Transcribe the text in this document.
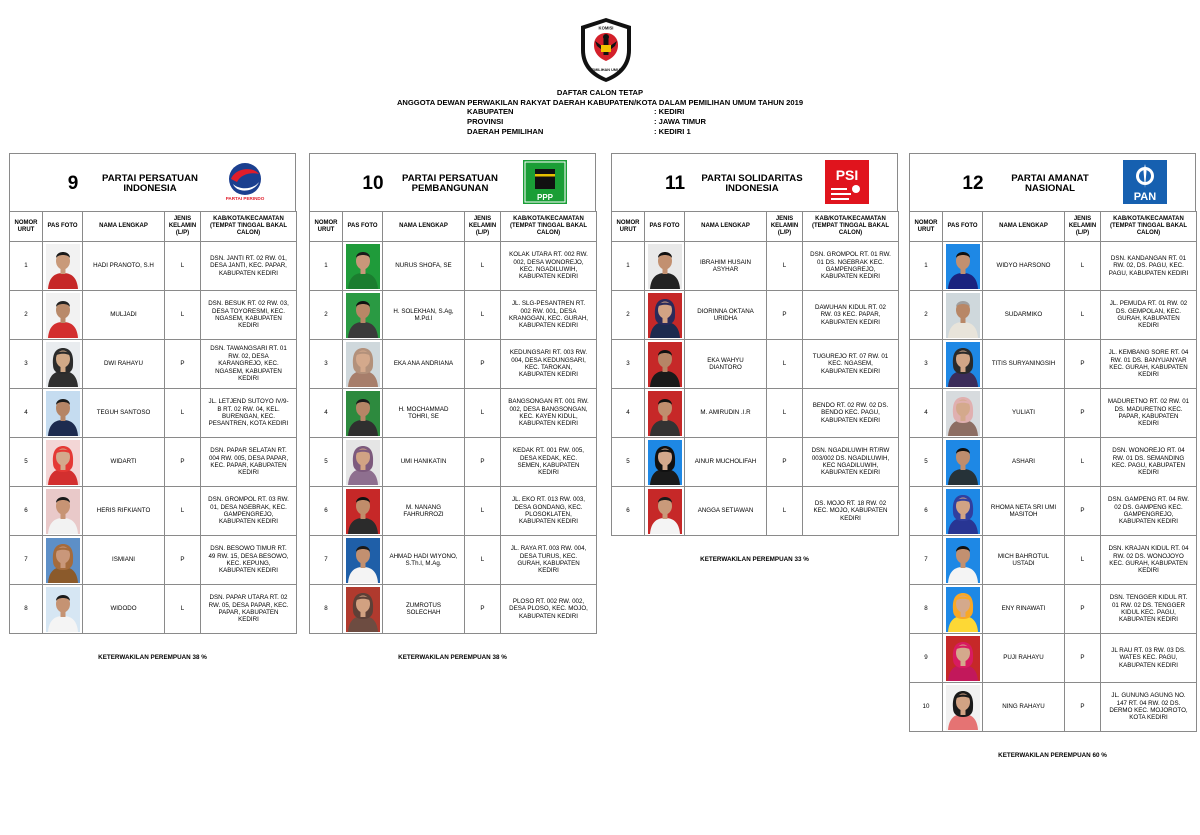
KOMISI
PEMILIHAN UMUM
DAFTAR CALON TETAP
ANGGOTA DEWAN PERWAKILAN RAKYAT DAERAH KABUPATEN/KOTA DALAM PEMILIHAN UMUM TAHUN 2019
KABUPATEN	: KEDIRI
PROVINSI	: JAWA TIMUR
DAERAH PEMILIHAN	: KEDIRI 1
9	PARTAI PERSATUAN
INDONESIA
PARTAI PERINDO
NOMOR URUT	PAS FOTO	NAMA LENGKAP	JENIS KELAMIN (L/P)	KAB/KOTA/KECAMATAN (TEMPAT TINGGAL BAKAL CALON)
1		HADI PRANOTO, S.H	L	DSN. JANTI RT. 02 RW. 01,
DESA JANTI, KEC. PAPAR,
KABUPATEN KEDIRI
2		MULJADI	L	DSN. BESUK RT. 02 RW. 03,
DESA TOYORESMI, KEC.
NGASEM, KABUPATEN
KEDIRI
3		DWI RAHAYU	P	DSN. TAWANGSARI RT. 01
RW. 02, DESA
KARANGREJO, KEC.
NGASEM, KABUPATEN
KEDIRI
4		TEGUH SANTOSO	L	JL. LETJEND SUTOYO IV/9-
B RT. 02 RW. 04, KEL.
BURENGAN, KEC.
PESANTREN, KOTA KEDIRI
5		WIDARTI	P	DSN. PAPAR SELATAN RT.
004 RW. 005, DESA PAPAR,
KEC. PAPAR, KABUPATEN
KEDIRI
6		HERIS RIFKIANTO	L	DSN. GROMPOL RT. 03 RW.
01, DESA NGEBRAK, KEC.
GAMPENGREJO,
KABUPATEN KEDIRI
7		ISMIANI	P	DSN. BESOWO TIMUR RT.
49 RW. 15, DESA BESOWO,
KEC. KEPUNG,
KABUPATEN KEDIRI
8		WIDODO	L	DSN. PAPAR UTARA RT. 02
RW. 05, DESA PAPAR, KEC.
PAPAR, KABUPATEN
KEDIRI
KETERWAKILAN PEREMPUAN 38 %
10	PARTAI PERSATUAN
PEMBANGUNAN
PPP
NOMOR URUT	PAS FOTO	NAMA LENGKAP	JENIS KELAMIN (L/P)	KAB/KOTA/KECAMATAN (TEMPAT TINGGAL BAKAL CALON)
1		NURUS SHOFA, SE	L	KOLAK UTARA RT. 002 RW.
002, DESA WONOREJO,
KEC. NGADILUWIH,
KABUPATEN KEDIRI
2		H. SOLEKHAN, S.Ag,
M.Pd.I	L	JL. SLG-PESANTREN RT.
002 RW. 001, DESA
KRANGGAN, KEC. GURAH,
KABUPATEN KEDIRI
3		EKA ANA ANDRIANA	P	KEDUNGSARI RT. 003 RW.
004, DESA KEDUNGSARI,
KEC. TAROKAN,
KABUPATEN KEDIRI
4		H. MOCHAMMAD
TOHRI, SE	L	BANGSONGAN RT. 001 RW.
002, DESA BANGSONGAN,
KEC. KAYEN KIDUL,
KABUPATEN KEDIRI
5		UMI HANIKATIN	P	KEDAK RT. 001 RW. 005,
DESA KEDAK, KEC.
SEMEN, KABUPATEN
KEDIRI
6		M. NANANG
FAHRURROZI	L	JL. EKO RT. 013 RW. 003,
DESA GONDANG, KEC.
PLOSOKLATEN,
KABUPATEN KEDIRI
7		AHMAD HADI WIYONO,
S.Th.I, M.Ag.	L	JL. RAYA RT. 003 RW. 004,
DESA TURUS, KEC.
GURAH, KABUPATEN
KEDIRI
8		ZUMROTUS
SOLECHAH	P	PLOSO RT. 002 RW. 002,
DESA PLOSO, KEC. MOJO,
KABUPATEN KEDIRI
KETERWAKILAN PEREMPUAN 38 %
11	PARTAI SOLIDARITAS
INDONESIA
PSI
NOMOR URUT	PAS FOTO	NAMA LENGKAP	JENIS KELAMIN (L/P)	KAB/KOTA/KECAMATAN (TEMPAT TINGGAL BAKAL CALON)
1		IBRAHIM HUSAIN
ASYHAR	L	DSN. GROMPOL RT. 01 RW.
01 DS. NGEBRAK KEC.
GAMPENGREJO,
KABUPATEN KEDIRI
2		DIORINNA OKTANA
URIDHA	P	DAWUHAN KIDUL RT. 02
RW. 03 KEC. PAPAR,
KABUPATEN KEDIRI
3		EKA WAHYU
DIANTORO	L	TUGUREJO RT. 07 RW. 01
KEC. NGASEM,
KABUPATEN KEDIRI
4		M. AMIRUDIN .I.R	L	BENDO RT. 02 RW. 02 DS.
BENDO KEC. PAGU,
KABUPATEN KEDIRI
5		AINUR MUCHOLIFAH	P	DSN. NGADILUWIH RT/RW
003/002 DS. NGADILUWIH,
KEC NGADILUWIH,
KABUPATEN KEDIRI
6		ANGGA SETIAWAN	L	DS. MOJO RT. 18 RW. 02
KEC. MOJO, KABUPATEN
KEDIRI
KETERWAKILAN PEREMPUAN 33 %
12	PARTAI AMANAT
NASIONAL
PAN
NOMOR URUT	PAS FOTO	NAMA LENGKAP	JENIS KELAMIN (L/P)	KAB/KOTA/KECAMATAN (TEMPAT TINGGAL BAKAL CALON)
1		WIDYO HARSONO	L	DSN. KANDANGAN RT. 01
RW. 02, DS. PAGU, KEC.
PAGU, KABUPATEN KEDIRI
2		SUDARMIKO	L	JL. PEMUDA RT. 01 RW. 02
DS. GEMPOLAN, KEC.
GURAH, KABUPATEN
KEDIRI
3		TITIS SURYANINGSIH	P	JL. KEMBANG SORE RT. 04
RW. 01 DS. BANYUANYAR
KEC. GURAH, KABUPATEN
KEDIRI
4		YULIATI	P	MADURETNO RT. 02 RW. 01
DS. MADURETNO KEC.
PAPAR, KABUPATEN
KEDIRI
5		ASHARI	L	DSN. WONOREJO RT. 04
RW. 01 DS. SEMANDING
KEC. PAGU, KABUPATEN
KEDIRI
6		RHOMA NETA SRI UMI
MASITOH	P	DSN. GAMPENG RT. 04 RW.
02 DS. GAMPENG KEC.
GAMPENGREJO,
KABUPATEN KEDIRI
7		MICH BAHROTUL
USTADI	L	DSN. KRAJAN KIDUL RT. 04
RW. 02 DS. WONOJOYO
KEC. GURAH, KABUPATEN
KEDIRI
8		ENY RINAWATI	P	DSN. TENGGER KIDUL RT.
01 RW. 02 DS. TENGGER
KIDUL KEC. PAGU,
KABUPATEN KEDIRI
9		PUJI RAHAYU	P	JL RAU RT. 03 RW. 03 DS.
WATES KEC. PAGU,
KABUPATEN KEDIRI
10		NING RAHAYU	P	JL. GUNUNG AGUNG NO.
147 RT. 04 RW. 02 DS.
DERMO KEC. MOJOROTO,
KOTA KEDIRI
KETERWAKILAN PEREMPUAN 60 %
